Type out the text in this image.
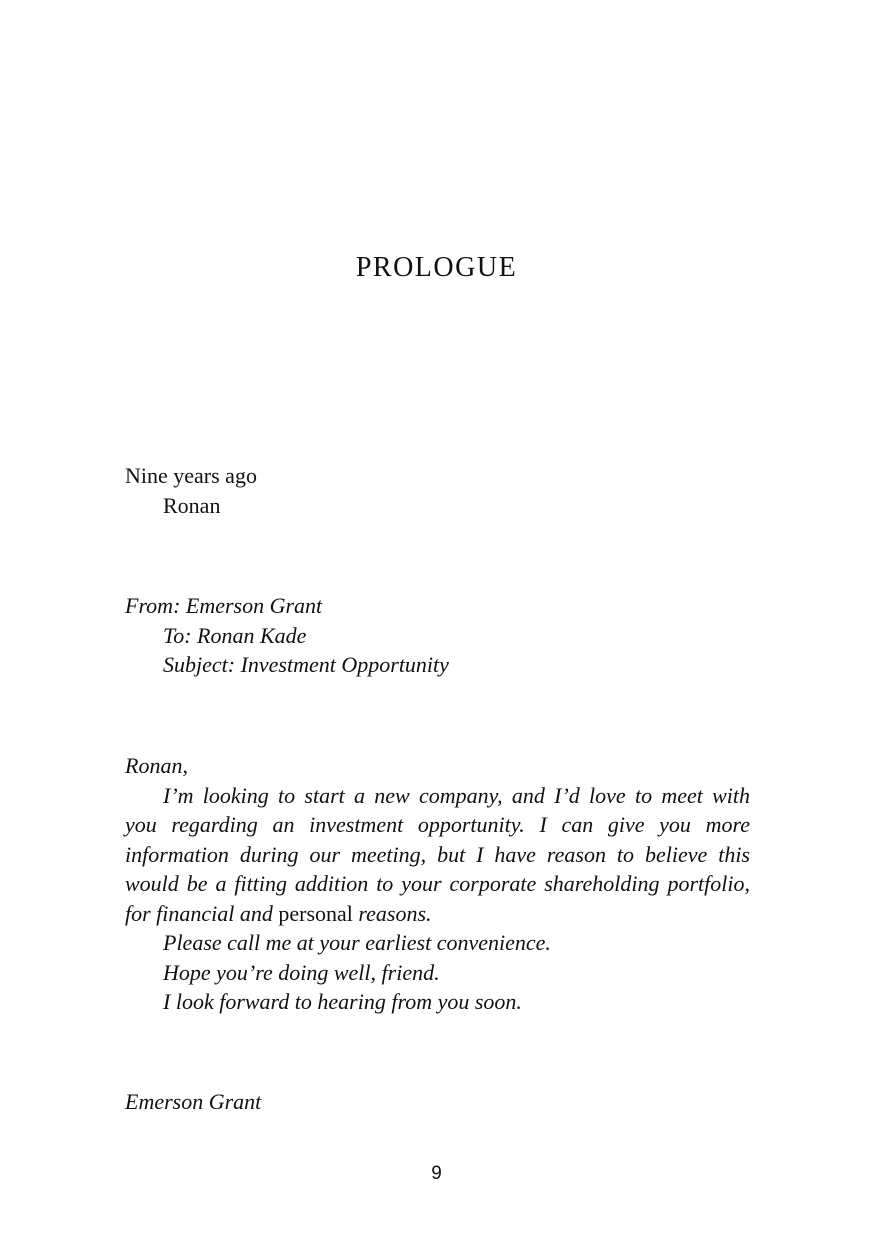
PROLOGUE
Nine years ago
Ronan
From: Emerson Grant
To: Ronan Kade
Subject: Investment Opportunity
Ronan,
I’m looking to start a new company, and I’d love to meet with
you regarding an investment opportunity. I can give you more
information during our meeting, but I have reason to believe this
would be a fitting addition to your corporate shareholding portfolio,
for financial and personal reasons.
Please call me at your earliest convenience.
Hope you’re doing well, friend.
I look forward to hearing from you soon.
Emerson Grant
9
